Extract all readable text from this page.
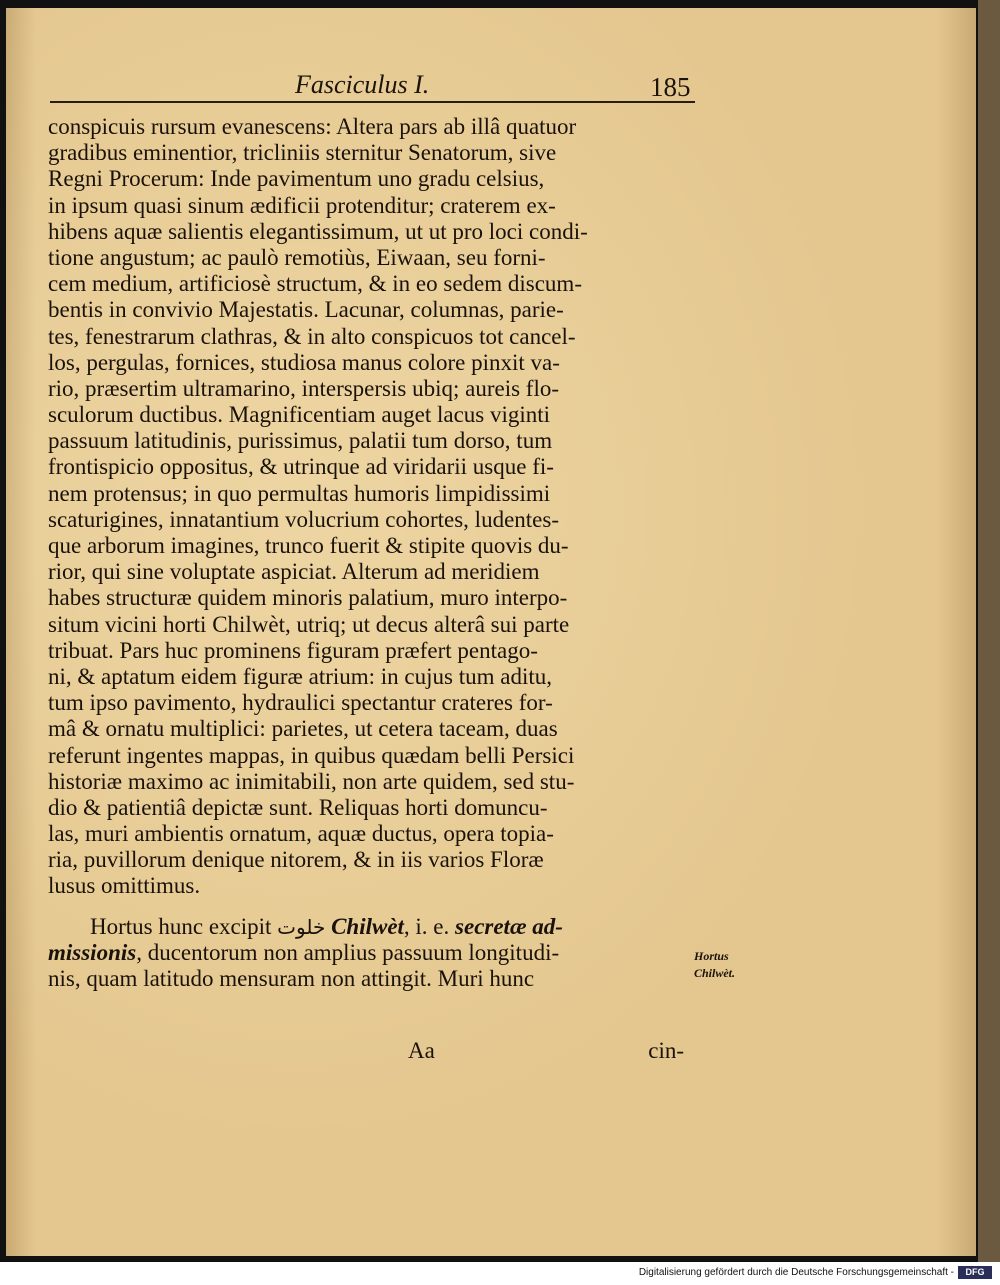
Fasciculus I.	185
conspicuis rursum evanescens: Altera pars ab illâ quatuor
gradibus eminentior, tricliniis sternitur Senatorum, sive
Regni Procerum: Inde pavimentum uno gradu celsius,
in ipsum quasi sinum ædificii protenditur; craterem ex-
hibens aquæ salientis elegantissimum, ut ut pro loci condi-
tione angustum; ac paulò remotiùs, Eiwaan, seu forni-
cem medium, artificiosè structum, & in eo sedem discum-
bentis in convivio Majestatis. Lacunar, columnas, parie-
tes, fenestrarum clathras, & in alto conspicuos tot cancel-
los, pergulas, fornices, studiosa manus colore pinxit va-
rio, præsertim ultramarino, interspersis ubiq; aureis flo-
sculorum ductibus. Magnificentiam auget lacus viginti
passuum latitudinis, purissimus, palatii tum dorso, tum
frontispicio oppositus, & utrinque ad viridarii usque fi-
nem protensus; in quo permultas humoris limpidissimi
scaturigines, innatantium volucrium cohortes, ludentes-
que arborum imagines, trunco fuerit & stipite quovis du-
rior, qui sine voluptate aspiciat. Alterum ad meridiem
habes structuræ quidem minoris palatium, muro interpo-
situm vicini horti Chilwèt, utriq; ut decus alterâ sui parte
tribuat. Pars huc prominens figuram præfert pentago-
ni, & aptatum eidem figuræ atrium: in cujus tum aditu,
tum ipso pavimento, hydraulici spectantur crateres for-
mâ & ornatu multiplici: parietes, ut cetera taceam, duas
referunt ingentes mappas, in quibus quædam belli Persici
historiæ maximo ac inimitabili, non arte quidem, sed stu-
dio & patientiâ depictæ sunt. Reliquas horti domuncu-
las, muri ambientis ornatum, aquæ ductus, opera topia-
ria, puvillorum denique nitorem, & in iis varios Floræ
lusus omittimus.
Hortus hunc excipit خلوت Chilwèt, i. e. secretæ ad-
missionis, ducentorum non amplius passuum longitudi-
nis, quam latitudo mensuram non attingit. Muri hunc
Hortus
Chilwèt.
Aa	cin-
Digitalisierung gefördert durch die Deutsche Forschungsgemeinschaft -	DFG
